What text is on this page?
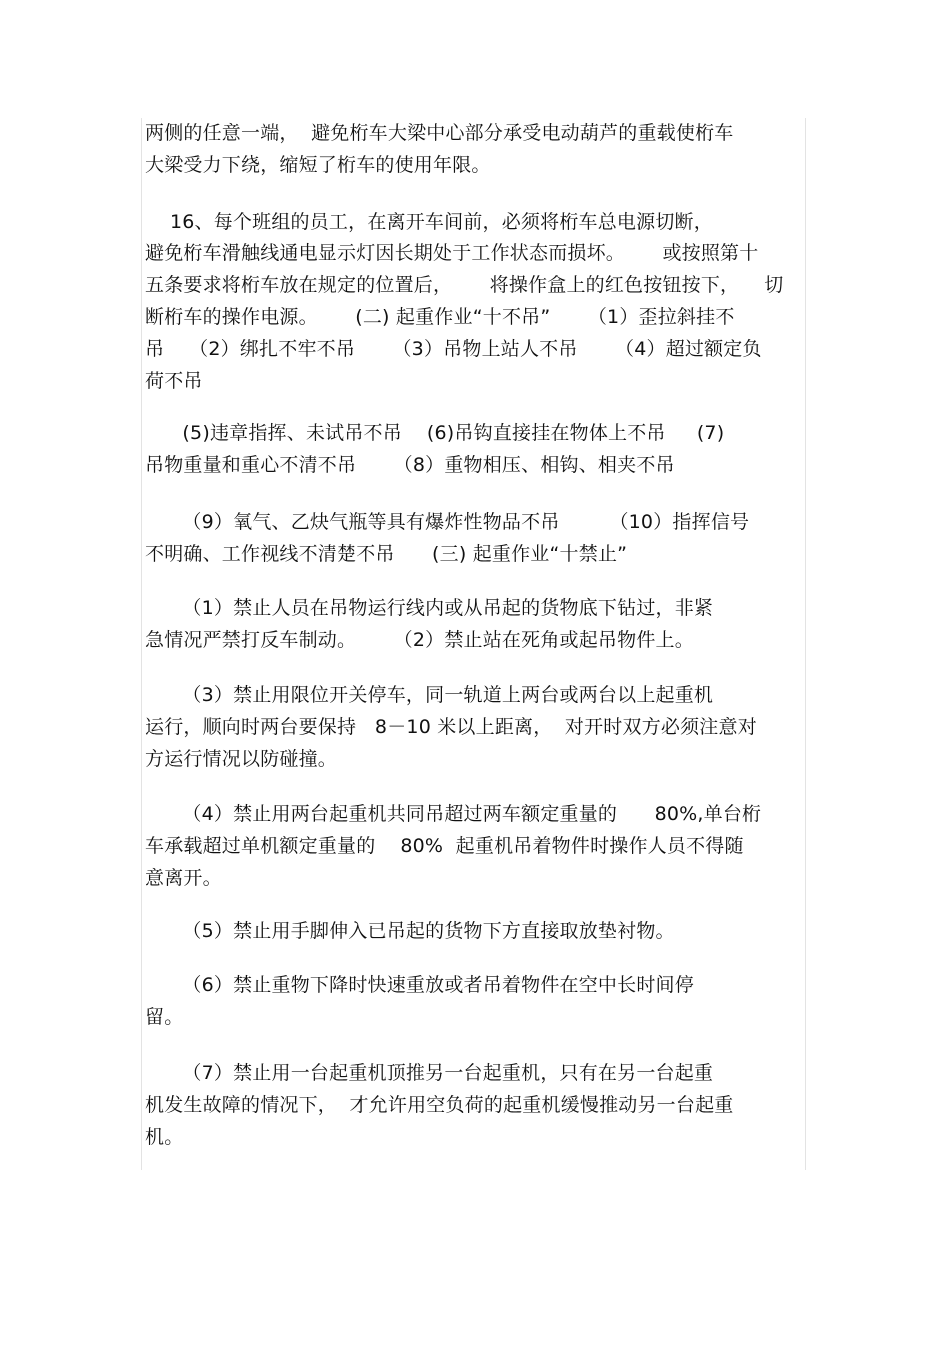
两侧的任意一端，  避免桁车大梁中心部分承受电动葫芦的重载使桁车
大梁受力下绕，缩短了桁车的使用年限。
16、每个班组的员工，在离开车间前，必须将桁车总电源切断，
避免桁车滑触线通电显示灯因长期处于工作状态而损坏。      或按照第十
五条要求将桁车放在规定的位置后，      将操作盒上的红色按钮按下，    切
断桁车的操作电源。      (二) 起重作业“十不吊”      （1）歪拉斜挂不
吊    （2）绑扎不牢不吊      （3）吊物上站人不吊      （4）超过额定负
荷不吊
(5)违章指挥、未试吊不吊    (6)吊钩直接挂在物体上不吊     (7)
吊物重量和重心不清不吊      （8）重物相压、相钩、相夹不吊
（9）氧气、乙炔气瓶等具有爆炸性物品不吊        （10）指挥信号
不明确、工作视线不清楚不吊      (三) 起重作业“十禁止”
（1）禁止人员在吊物运行线内或从吊起的货物底下钻过，非紧
急情况严禁打反车制动。      （2）禁止站在死角或起吊物件上。
（3）禁止用限位开关停车，同一轨道上两台或两台以上起重机
运行，顺向时两台要保持   8－10 米以上距离，  对开时双方必须注意对
方运行情况以防碰撞。
（4）禁止用两台起重机共同吊超过两车额定重量的      80%,单台桁
车承载超过单机额定重量的    80%  起重机吊着物件时操作人员不得随
意离开。
（5）禁止用手脚伸入已吊起的货物下方直接取放垫衬物。
（6）禁止重物下降时快速重放或者吊着物件在空中长时间停
留。
（7）禁止用一台起重机顶推另一台起重机，只有在另一台起重
机发生故障的情况下，  才允许用空负荷的起重机缓慢推动另一台起重
机。
